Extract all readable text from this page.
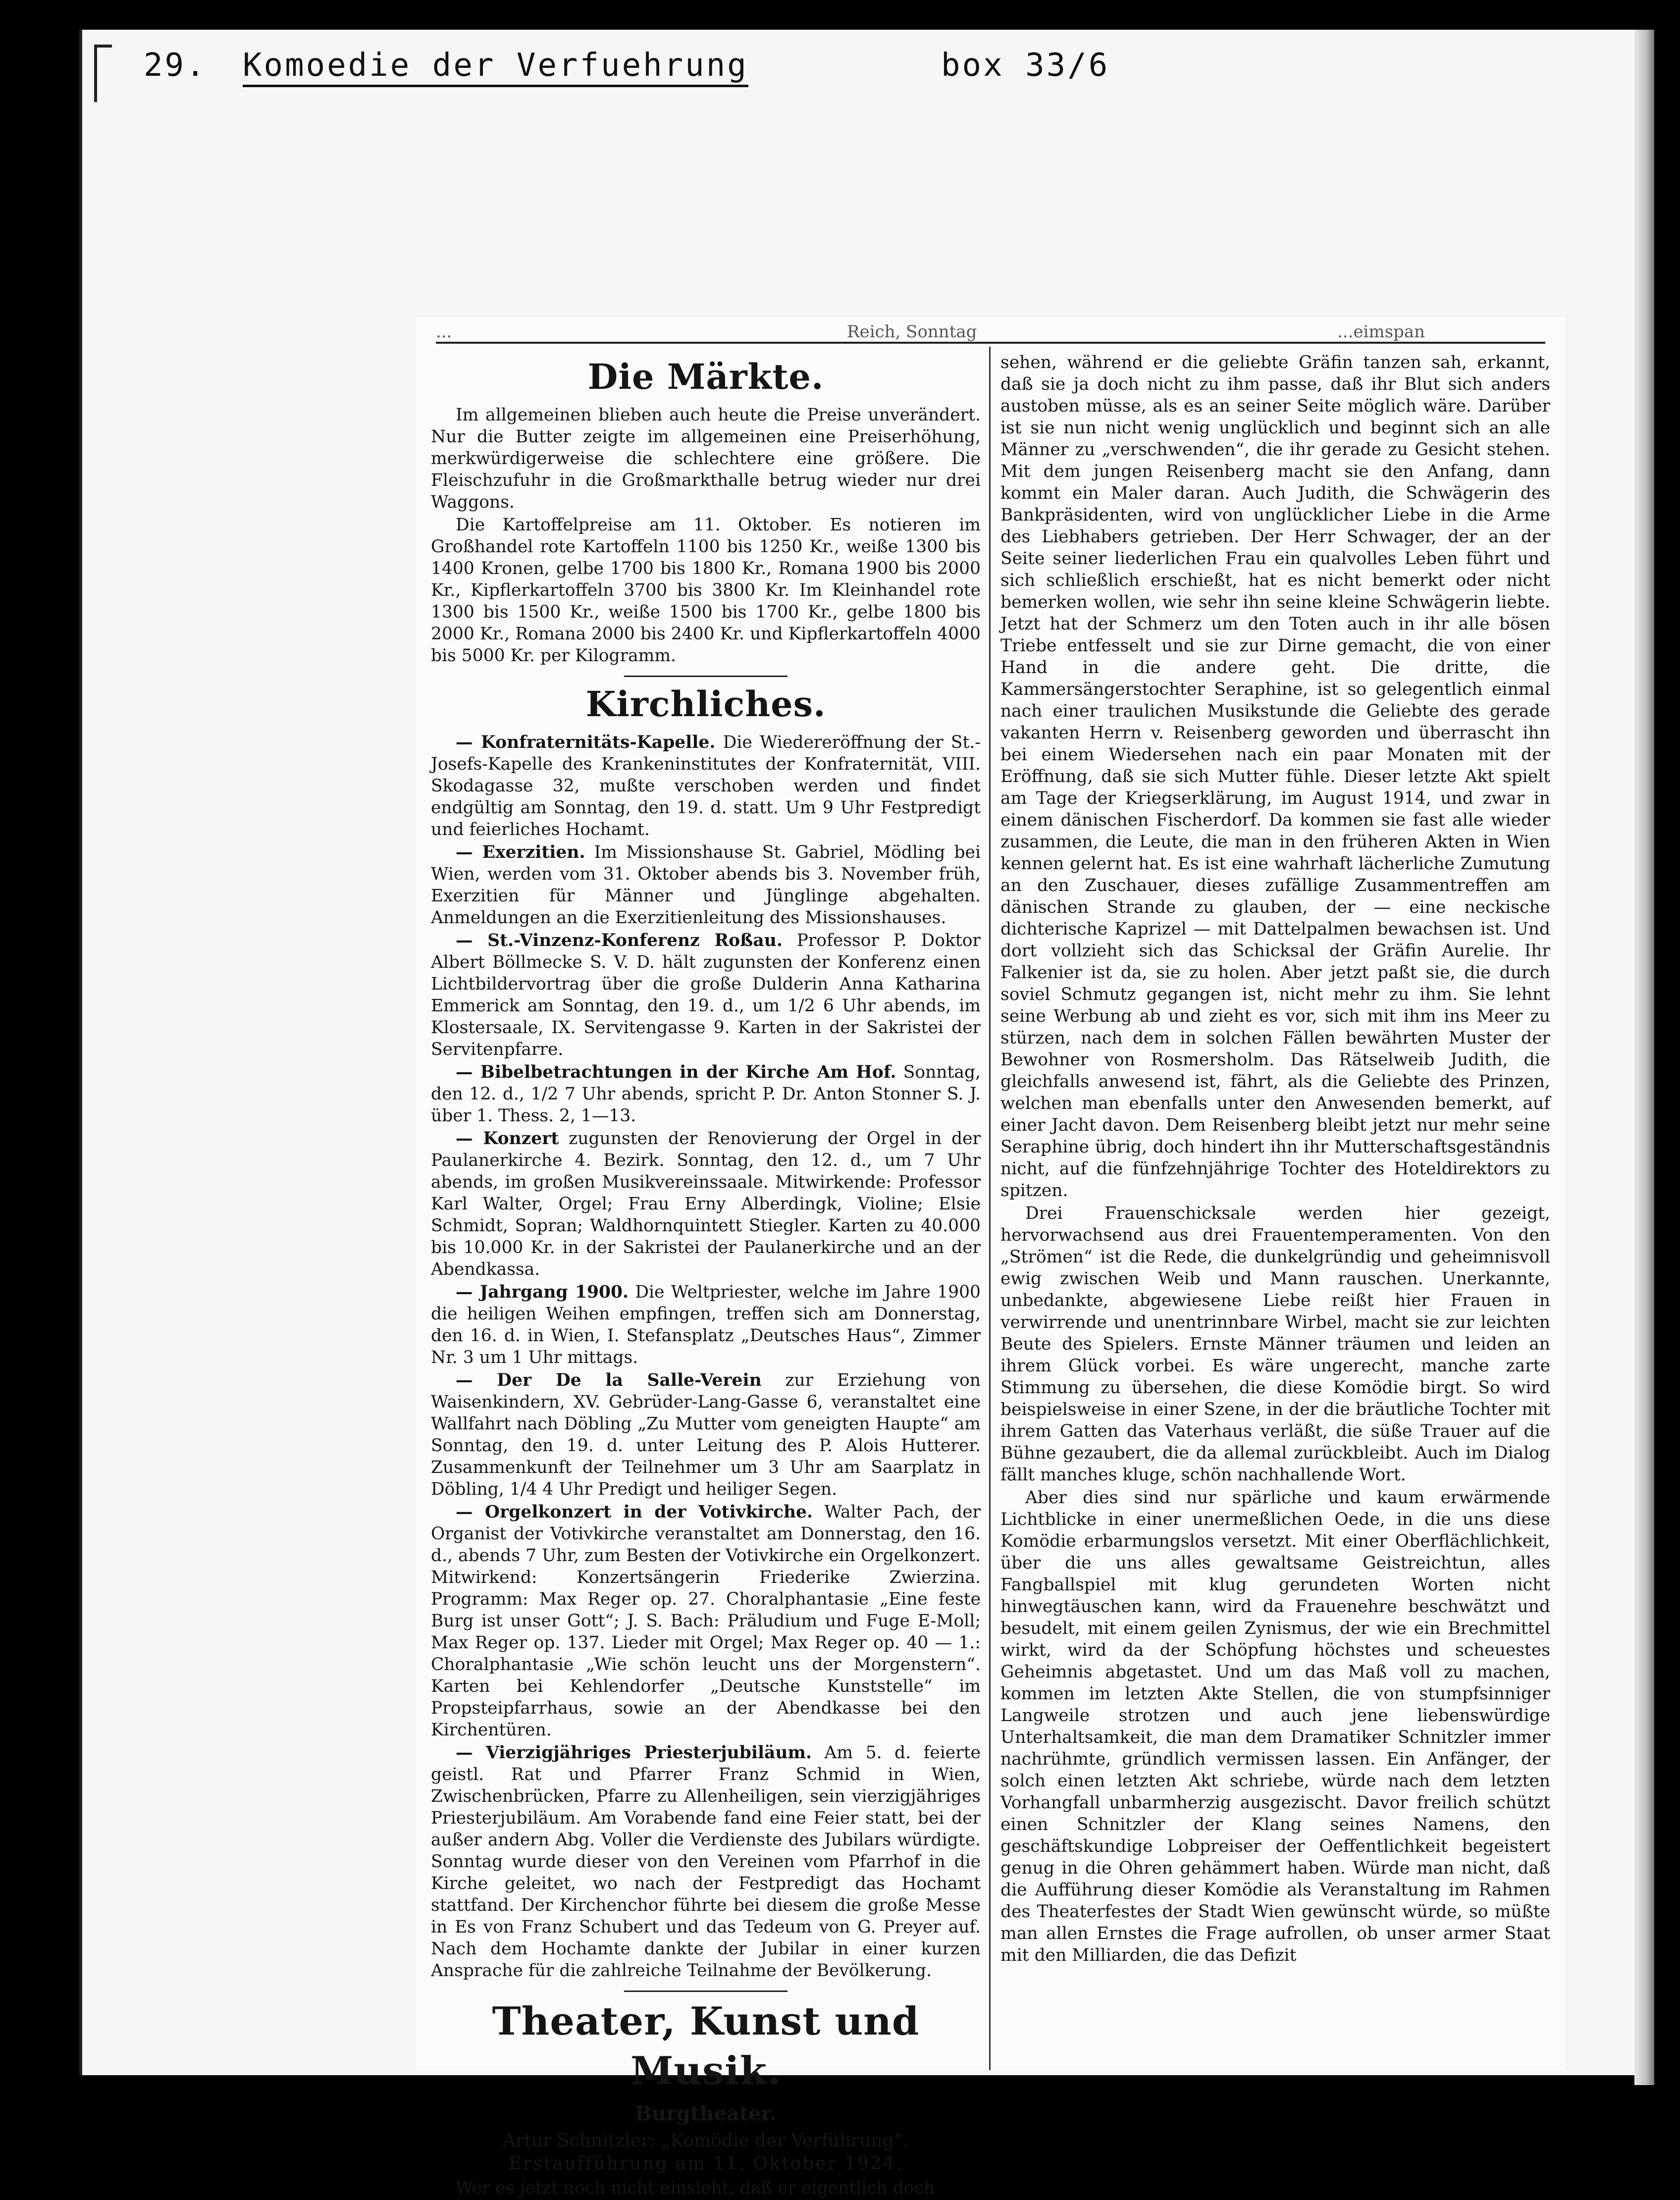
29. Komoedie der Verfuehrung	box 33/6
...	Reich, Sonntag	...eimspan
Die Märkte.

Im allgemeinen blieben auch heute die Preise unverändert. Nur die Butter zeigte im allgemeinen eine Preiserhöhung, merkwürdigerweise die schlechtere eine größere. Die Fleischzufuhr in die Großmarkthalle betrug wieder nur drei Waggons.

Die Kartoffelpreise am 11. Oktober. Es notieren im Großhandel rote Kartoffeln 1100 bis 1250 Kr., weiße 1300 bis 1400 Kronen, gelbe 1700 bis 1800 Kr., Romana 1900 bis 2000 Kr., Kipflerkartoffeln 3700 bis 3800 Kr. Im Kleinhandel rote 1300 bis 1500 Kr., weiße 1500 bis 1700 Kr., gelbe 1800 bis 2000 Kr., Romana 2000 bis 2400 Kr. und Kipflerkartoffeln 4000 bis 5000 Kr. per Kilogramm.

Kirchliches.

— Konfraternitäts-Kapelle. Die Wiedereröffnung der St.-Josefs-Kapelle des Krankeninstitutes der Konfraternität, VIII. Skodagasse 32, mußte verschoben werden und findet endgültig am Sonntag, den 19. d. statt. Um 9 Uhr Festpredigt und feierliches Hochamt.

— Exerzitien. Im Missionshause St. Gabriel, Mödling bei Wien, werden vom 31. Oktober abends bis 3. November früh, Exerzitien für Männer und Jünglinge abgehalten. Anmeldungen an die Exerzitienleitung des Missionshauses.

— St.-Vinzenz-Konferenz Roßau. Professor P. Doktor Albert Böllmecke S. V. D. hält zugunsten der Konferenz einen Lichtbildervortrag über die große Dulderin Anna Katharina Emmerick am Sonntag, den 19. d., um 1/2 6 Uhr abends, im Klostersaale, IX. Servitengasse 9. Karten in der Sakristei der Servitenpfarre.

— Bibelbetrachtungen in der Kirche Am Hof. Sonntag, den 12. d., 1/2 7 Uhr abends, spricht P. Dr. Anton Stonner S. J. über 1. Thess. 2, 1—13.

— Konzert zugunsten der Renovierung der Orgel in der Paulanerkirche 4. Bezirk. Sonntag, den 12. d., um 7 Uhr abends, im großen Musikvereinssaale. Mitwirkende: Professor Karl Walter, Orgel; Frau Erny Alberdingk, Violine; Elsie Schmidt, Sopran; Waldhornquintett Stiegler. Karten zu 40.000 bis 10.000 Kr. in der Sakristei der Paulanerkirche und an der Abendkassa.

— Jahrgang 1900. Die Weltpriester, welche im Jahre 1900 die heiligen Weihen empfingen, treffen sich am Donnerstag, den 16. d. in Wien, I. Stefansplatz „Deutsches Haus“, Zimmer Nr. 3 um 1 Uhr mittags.

— Der De la Salle-Verein zur Erziehung von Waisenkindern, XV. Gebrüder-Lang-Gasse 6, veranstaltet eine Wallfahrt nach Döbling „Zu Mutter vom geneigten Haupte“ am Sonntag, den 19. d. unter Leitung des P. Alois Hutterer. Zusammenkunft der Teilnehmer um 3 Uhr am Saarplatz in Döbling, 1/4 4 Uhr Predigt und heiliger Segen.

— Orgelkonzert in der Votivkirche. Walter Pach, der Organist der Votivkirche veranstaltet am Donnerstag, den 16. d., abends 7 Uhr, zum Besten der Votivkirche ein Orgelkonzert. Mitwirkend: Konzertsängerin Friederike Zwierzina. Programm: Max Reger op. 27. Choralphantasie „Eine feste Burg ist unser Gott“; J. S. Bach: Präludium und Fuge E-Moll; Max Reger op. 137. Lieder mit Orgel; Max Reger op. 40 — 1.: Choralphantasie „Wie schön leucht uns der Morgenstern“. Karten bei Kehlendorfer „Deutsche Kunststelle“ im Propsteipfarrhaus, sowie an der Abendkasse bei den Kirchentüren.

— Vierzigjähriges Priesterjubiläum. Am 5. d. feierte geistl. Rat und Pfarrer Franz Schmid in Wien, Zwischenbrücken, Pfarre zu Allenheiligen, sein vierzigjähriges Priesterjubiläum. Am Vorabende fand eine Feier statt, bei der außer andern Abg. Voller die Verdienste des Jubilars würdigte. Sonntag wurde dieser von den Vereinen vom Pfarrhof in die Kirche geleitet, wo nach der Festpredigt das Hochamt stattfand. Der Kirchenchor führte bei diesem die große Messe in Es von Franz Schubert und das Tedeum von G. Preyer auf. Nach dem Hochamte dankte der Jubilar in einer kurzen Ansprache für die zahlreiche Teilnahme der Bevölkerung.

Theater, Kunst und Musik.
Burgtheater.
Artur Schnitzler: „Komödie der Verführung“.
Erstaufführung am 11. Oktober 1924.

Wer es jetzt noch nicht einsieht, daß er eigentlich doch

sehen, während er die geliebte Gräfin tanzen sah, erkannt, daß sie ja doch nicht zu ihm passe, daß ihr Blut sich anders austoben müsse, als es an seiner Seite möglich wäre. Darüber ist sie nun nicht wenig unglücklich und beginnt sich an alle Männer zu „verschwenden“, die ihr gerade zu Gesicht stehen. Mit dem jungen Reisenberg macht sie den Anfang, dann kommt ein Maler daran. Auch Judith, die Schwägerin des Bankpräsidenten, wird von unglücklicher Liebe in die Arme des Liebhabers getrieben. Der Herr Schwager, der an der Seite seiner liederlichen Frau ein qualvolles Leben führt und sich schließlich erschießt, hat es nicht bemerkt oder nicht bemerken wollen, wie sehr ihn seine kleine Schwägerin liebte. Jetzt hat der Schmerz um den Toten auch in ihr alle bösen Triebe entfesselt und sie zur Dirne gemacht, die von einer Hand in die andere geht. Die dritte, die Kammersängerstochter Seraphine, ist so gelegentlich einmal nach einer traulichen Musikstunde die Geliebte des gerade vakanten Herrn v. Reisenberg geworden und überrascht ihn bei einem Wiedersehen nach ein paar Monaten mit der Eröffnung, daß sie sich Mutter fühle. Dieser letzte Akt spielt am Tage der Kriegserklärung, im August 1914, und zwar in einem dänischen Fischerdorf. Da kommen sie fast alle wieder zusammen, die Leute, die man in den früheren Akten in Wien kennen gelernt hat. Es ist eine wahrhaft lächerliche Zumutung an den Zuschauer, dieses zufällige Zusammentreffen am dänischen Strande zu glauben, der — eine neckische dichterische Kaprizel — mit Dattelpalmen bewachsen ist. Und dort vollzieht sich das Schicksal der Gräfin Aurelie. Ihr Falkenier ist da, sie zu holen. Aber jetzt paßt sie, die durch soviel Schmutz gegangen ist, nicht mehr zu ihm. Sie lehnt seine Werbung ab und zieht es vor, sich mit ihm ins Meer zu stürzen, nach dem in solchen Fällen bewährten Muster der Bewohner von Rosmersholm. Das Rätselweib Judith, die gleichfalls anwesend ist, fährt, als die Geliebte des Prinzen, welchen man ebenfalls unter den Anwesenden bemerkt, auf einer Jacht davon. Dem Reisenberg bleibt jetzt nur mehr seine Seraphine übrig, doch hindert ihn ihr Mutterschaftsgeständnis nicht, auf die fünfzehnjährige Tochter des Hoteldirektors zu spitzen.

Drei Frauenschicksale werden hier gezeigt, hervorwachsend aus drei Frauentemperamenten. Von den „Strömen“ ist die Rede, die dunkelgründig und geheimnisvoll ewig zwischen Weib und Mann rauschen. Unerkannte, unbedankte, abgewiesene Liebe reißt hier Frauen in verwirrende und unentrinnbare Wirbel, macht sie zur leichten Beute des Spielers. Ernste Männer träumen und leiden an ihrem Glück vorbei. Es wäre ungerecht, manche zarte Stimmung zu übersehen, die diese Komödie birgt. So wird beispielsweise in einer Szene, in der die bräutliche Tochter mit ihrem Gatten das Vaterhaus verläßt, die süße Trauer auf die Bühne gezaubert, die da allemal zurückbleibt. Auch im Dialog fällt manches kluge, schön nachhallende Wort.

Aber dies sind nur spärliche und kaum erwärmende Lichtblicke in einer unermeßlichen Oede, in die uns diese Komödie erbarmungslos versetzt. Mit einer Oberflächlichkeit, über die uns alles gewaltsame Geistreichtun, alles Fangballspiel mit klug gerundeten Worten nicht hinwegtäuschen kann, wird da Frauenehre beschwätzt und besudelt, mit einem geilen Zynismus, der wie ein Brechmittel wirkt, wird da der Schöpfung höchstes und scheuestes Geheimnis abgetastet. Und um das Maß voll zu machen, kommen im letzten Akte Stellen, die von stumpfsinniger Langweile strotzen und auch jene liebenswürdige Unterhaltsamkeit, die man dem Dramatiker Schnitzler immer nachrühmte, gründlich vermissen lassen. Ein Anfänger, der solch einen letzten Akt schriebe, würde nach dem letzten Vorhangfall unbarmherzig ausgezischt. Davor freilich schützt einen Schnitzler der Klang seines Namens, den geschäftskundige Lobpreiser der Oeffentlichkeit begeistert genug in die Ohren gehämmert haben. Würde man nicht, daß die Aufführung dieser Komödie als Veranstaltung im Rahmen des Theaterfestes der Stadt Wien gewünscht würde, so müßte man allen Ernstes die Frage aufrollen, ob unser armer Staat mit den Milliarden, die das Defizit
